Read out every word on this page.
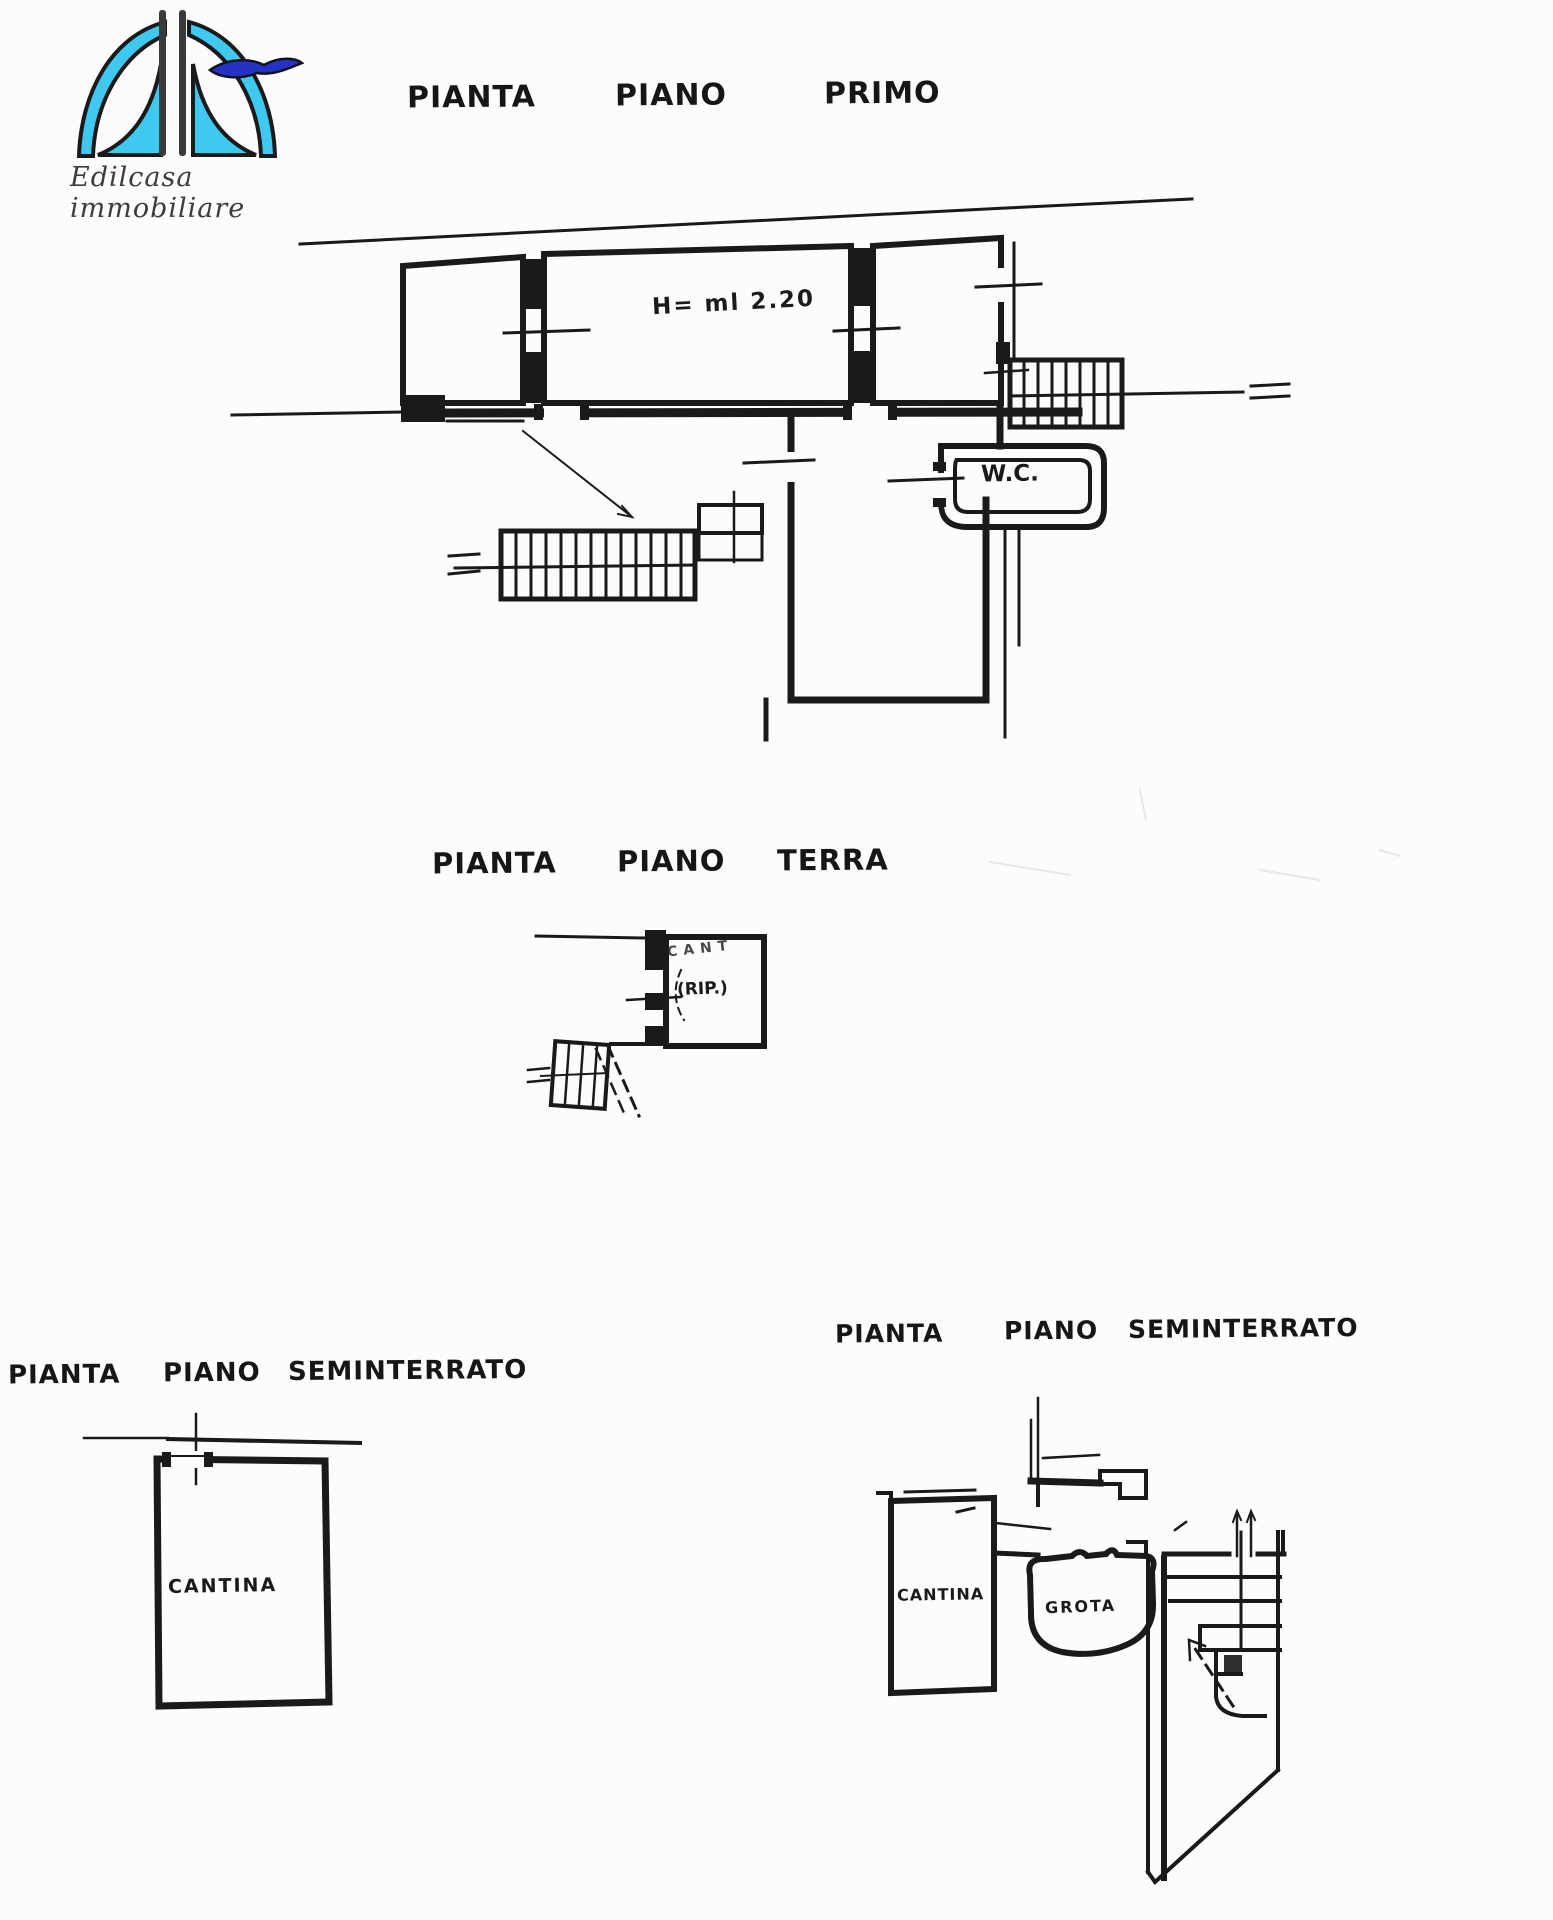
Edilcasa immobiliare
PIANTA	PIANO	PRIMO
PIANTA PIANO TERRA
PIANTA PIANO SEMINTERRATO
PIANTA PIANO SEMINTERRATO
H= ml 2.20
W.C.
CANT
(RIP.)
CANTINA	CANTINA
GROTA
